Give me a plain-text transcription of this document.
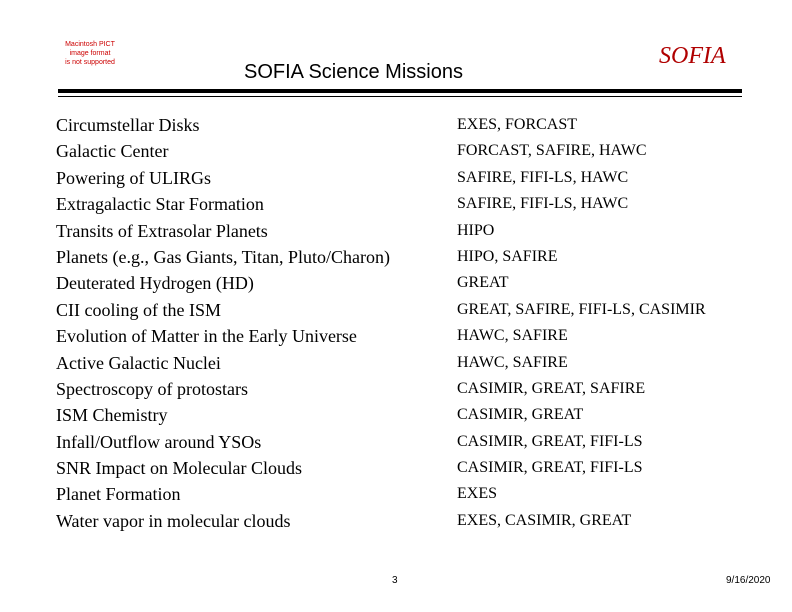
Macintosh PICT
image format
is not supported	SOFIA Science Missions
SOFIA
Circumstellar Disks
Galactic Center
Powering of ULIRGs
Extragalactic Star Formation
Transits of Extrasolar Planets
Planets (e.g., Gas Giants, Titan, Pluto/Charon)
Deuterated Hydrogen (HD)
CII cooling of the ISM
Evolution of Matter in the Early Universe
Active Galactic Nuclei
Spectroscopy of protostars
ISM Chemistry
Infall/Outflow around YSOs
SNR Impact on Molecular Clouds
Planet Formation
Water vapor in molecular clouds
EXES, FORCAST
FORCAST, SAFIRE, HAWC
SAFIRE, FIFI-LS, HAWC
SAFIRE, FIFI-LS, HAWC
HIPO
HIPO, SAFIRE
GREAT
GREAT, SAFIRE, FIFI-LS, CASIMIR
HAWC, SAFIRE
HAWC, SAFIRE
CASIMIR, GREAT, SAFIRE
CASIMIR, GREAT
CASIMIR, GREAT, FIFI-LS
CASIMIR, GREAT, FIFI-LS
EXES
EXES, CASIMIR, GREAT
3	9/16/2020
